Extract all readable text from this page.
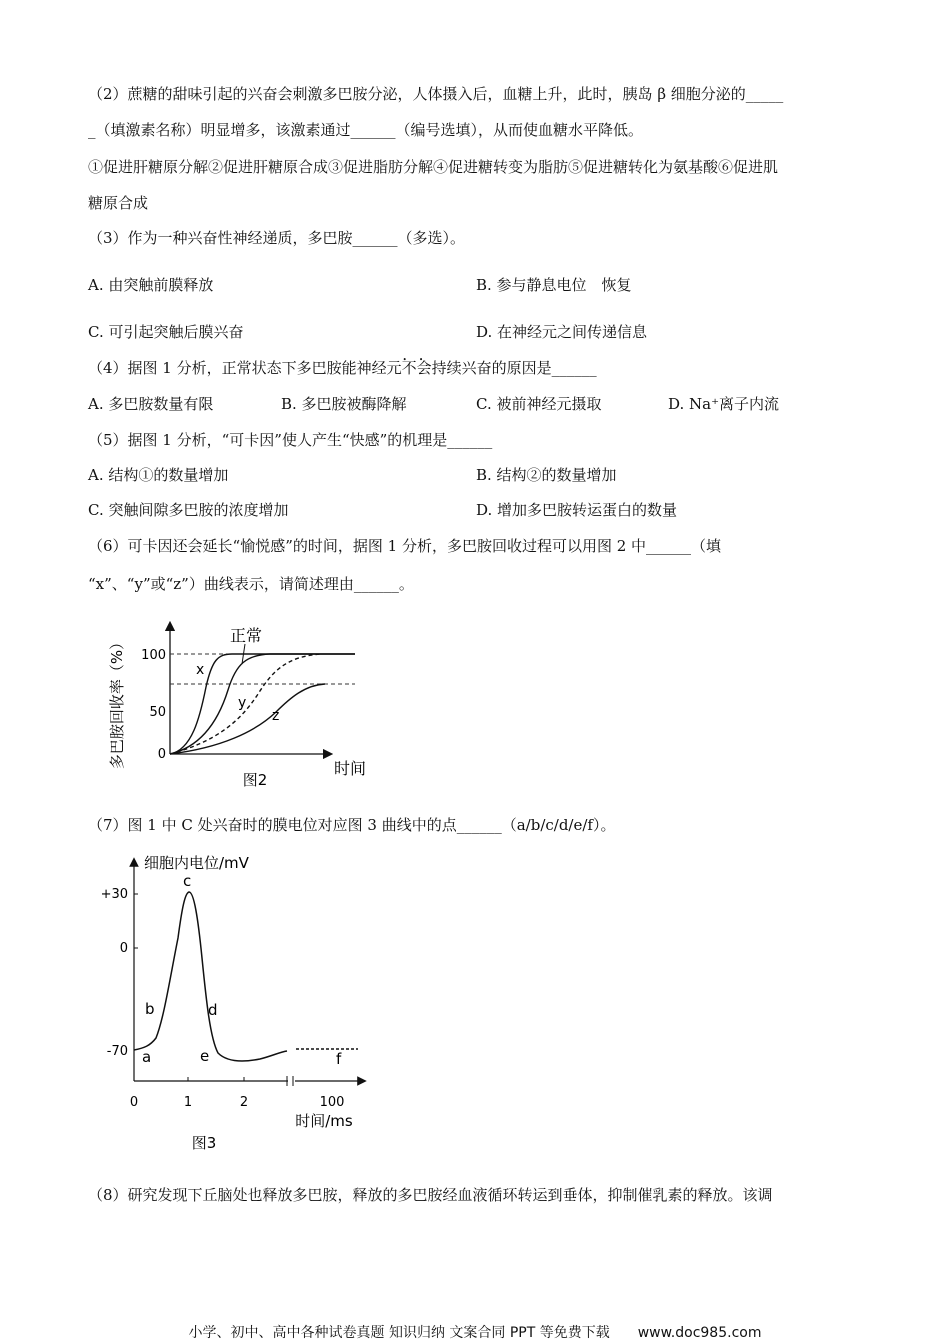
（2）蔗糖的甜味引起的兴奋会刺激多巴胺分泌，人体摄入后，血糖上升，此时，胰岛 β 细胞分泌的_____
_（填激素名称）明显增多，该激素通过______（编号选填），从而使血糖水平降低。
①促进肝糖原分解②促进肝糖原合成③促进脂肪分解④促进糖转变为脂肪⑤促进糖转化为氨基酸⑥促进肌
糖原合成
（3）作为一种兴奋性神经递质，多巴胺______（多选）。
A. 由突触前膜释放	B. 参与静息电位　恢复
C. 可引起突触后膜兴奋	D. 在神经元之间传递信息
（4）据图 1 分析，正常状态下多巴胺能神经元• • 不会持续兴奋的原因是______
A. 多巴胺数量有限	B. 多巴胺被酶降解	C. 被前神经元摄取	D. Na⁺离子内流
（5）据图 1 分析，“可卡因”使人产生“快感”的机理是______
A. 结构①的数量增加	B. 结构②的数量增加
C. 突触间隙多巴胺的浓度增加	D. 增加多巴胺转运蛋白的数量
（6）可卡因还会延长“愉悦感”的时间，据图 1 分析，多巴胺回收过程可以用图 2 中______（填
“x”、“y”或“z”）曲线表示，请简述理由______。
多巴胺回收率（%） 100
50
0
正常
x
y
z
图2
时间
（7）图 1 中 C 处兴奋时的膜电位对应图 3 曲线中的点______（a/b/c/d/e/f）。
细胞内电位/mV
+30
0
-70
0	1	2	100
a
b
c
d
e	f
时间/ms
图3
（8）研究发现下丘脑处也释放多巴胺，释放的多巴胺经血液循环转运到垂体，抑制催乳素的释放。该调
小学、初中、高中各种试卷真题 知识归纳 文案合同 PPT 等免费下载　　www.doc985.com
